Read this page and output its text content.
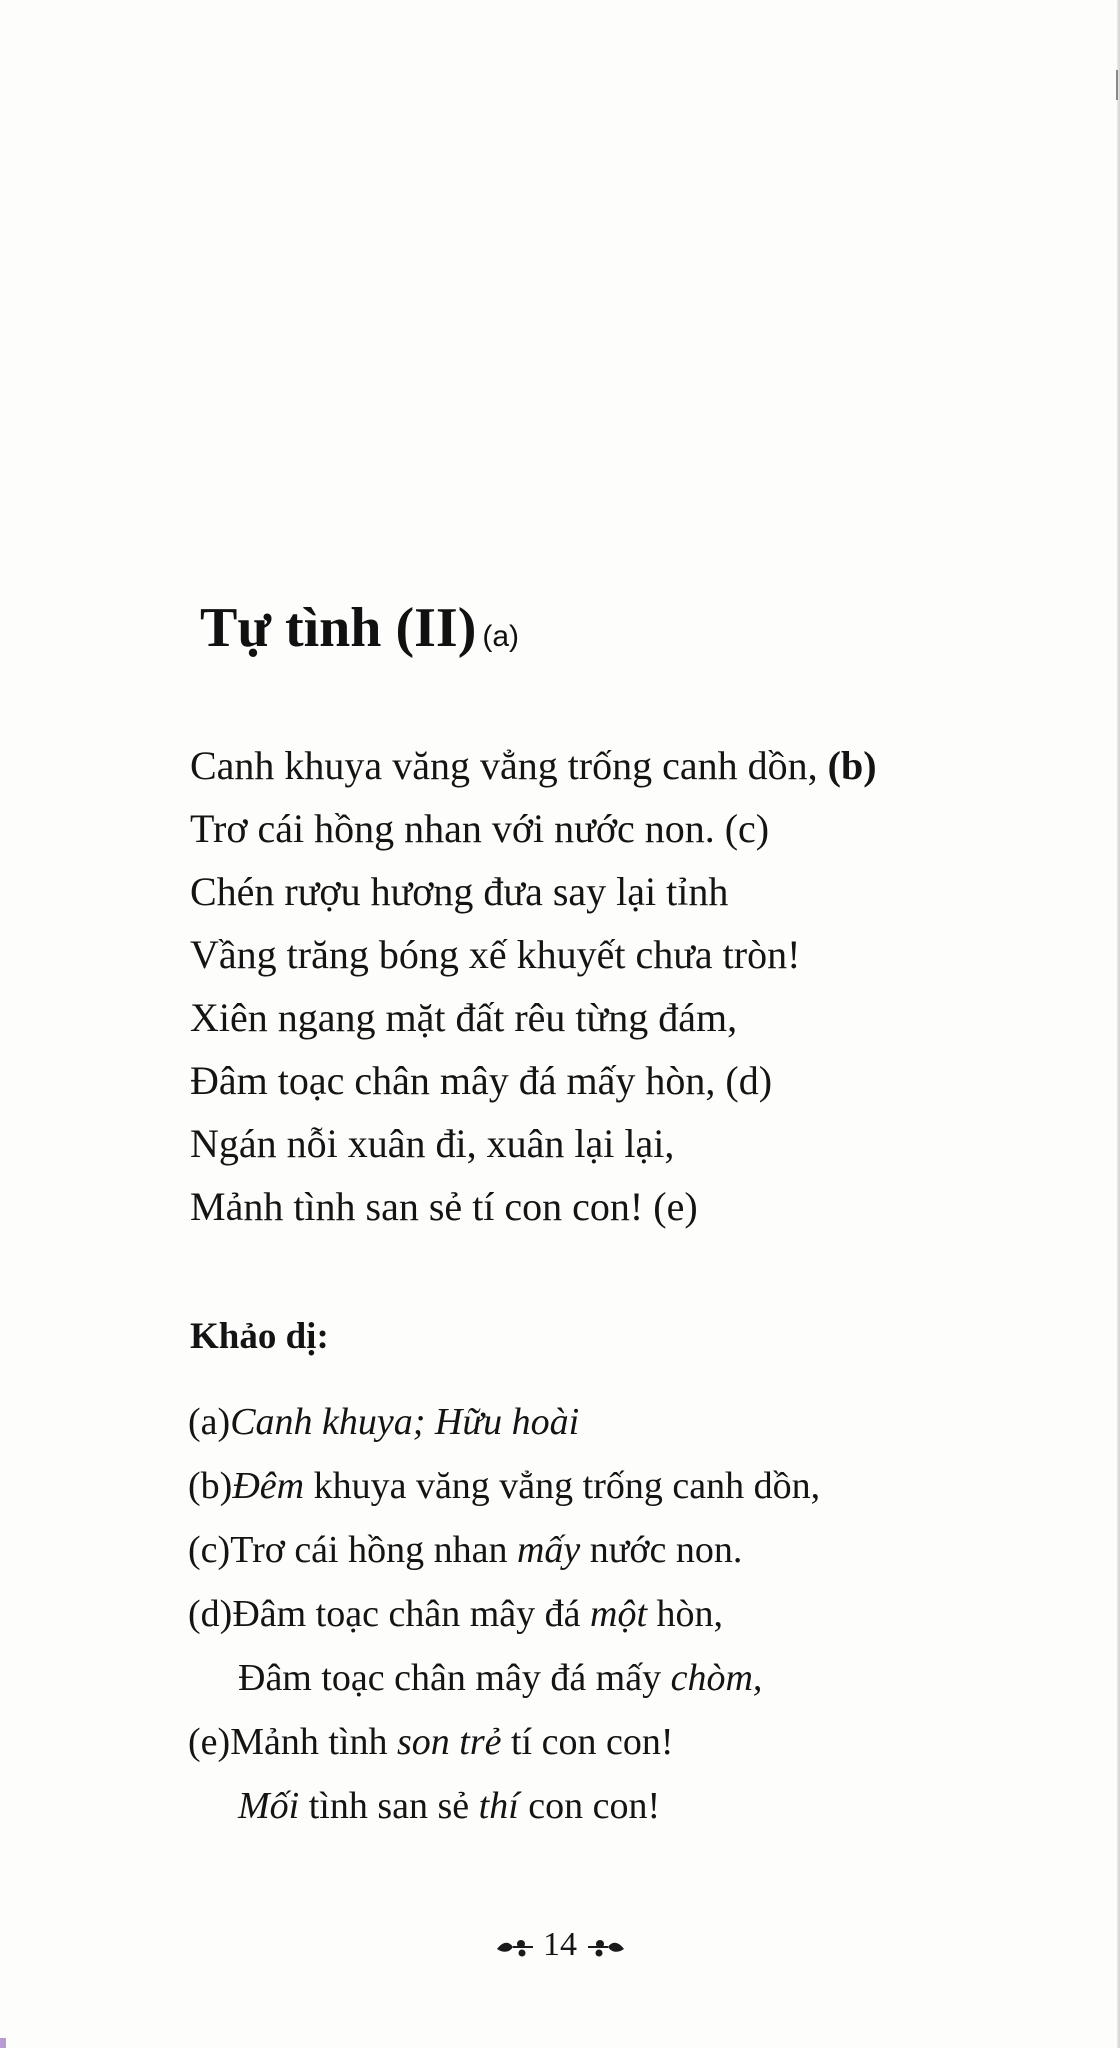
Tự tình (II) (a)
Canh khuya văng vẳng trống canh dồn, (b)
Trơ cái hồng nhan với nước non. (c)
Chén rượu hương đưa say lại tỉnh
Vầng trăng bóng xế khuyết chưa tròn!
Xiên ngang mặt đất rêu từng đám,
Đâm toạc chân mây đá mấy hòn, (d)
Ngán nỗi xuân đi, xuân lại lại,
Mảnh tình san sẻ tí con con! (e)
Khảo dị:
(a)Canh khuya; Hữu hoài
(b)Đêm khuya văng vẳng trống canh dồn,
(c)Trơ cái hồng nhan mấy nước non.
(d)Đâm toạc chân mây đá một hòn,
Đâm toạc chân mây đá mấy chòm,
(e)Mảnh tình son trẻ tí con con!
Mối tình san sẻ thí con con!
14
